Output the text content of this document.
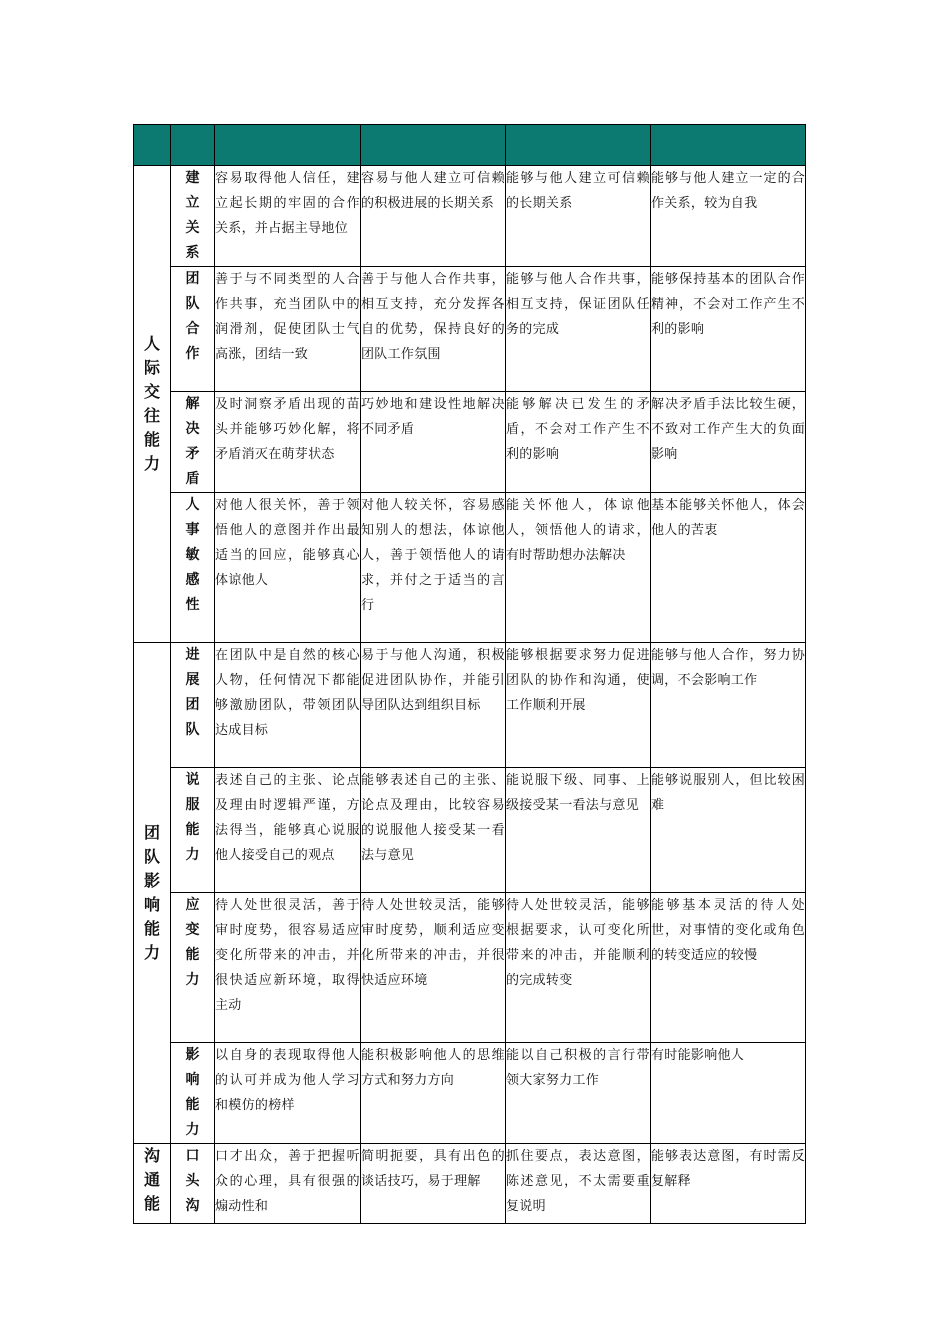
人际交往能力	建立关系	容易取得他人信任，建立起长期的牢固的合作关系，并占据主导地位	容易与他人建立可信赖的积极进展的长期关系	能够与他人建立可信赖的长期关系	能够与他人建立一定的合作关系，较为自我

	团队合作	善于与不同类型的人合作共事，充当团队中的润滑剂，促使团队士气高涨，团结一致	善于与他人合作共事，相互支持，充分发挥各自的优势，保持良好的团队工作氛围	能够与他人合作共事，相互支持，保证团队任务的完成	能够保持基本的团队合作精神，不会对工作产生不利的影响

	解决矛盾	及时洞察矛盾出现的苗头并能够巧妙化解，将矛盾消灭在萌芽状态	巧妙地和建设性地解决不同矛盾	能够解决已发生的矛盾，不会对工作产生不利的影响	解决矛盾手法比较生硬，不致对工作产生大的负面影响

	人事敏感性	对他人很关怀，善于领悟他人的意图并作出最适当的回应，能够真心体谅他人	对他人较关怀，容易感知别人的想法，体谅他人，善于领悟他人的请求，并付之于适当的言行	能关怀他人，体谅他人，领悟他人的请求，有时帮助想办法解决	基本能够关怀他人，体会他人的苦衷

团队影响能力	进展团队	在团队中是自然的核心人物，任何情况下都能够激励团队，带领团队达成目标	易于与他人沟通，积极促进团队协作，并能引导团队达到组织目标	能够根据要求努力促进团队的协作和沟通，使工作顺利开展	能够与他人合作，努力协调，不会影响工作

	说服能力	表述自己的主张、论点及理由时逻辑严谨，方法得当，能够真心说服他人接受自己的观点	能够表述自己的主张、论点及理由，比较容易的说服他人接受某一看法与意见	能说服下级、同事、上级接受某一看法与意见	能够说服别人，但比较困难

	应变能力	待人处世很灵活，善于审时度势，很容易适应变化所带来的冲击，并很快适应新环境，取得主动	待人处世较灵活，能够审时度势，顺利适应变化所带来的冲击，并很快适应环境	待人处世较灵活，能够根据要求，认可变化所带来的冲击，并能顺利的完成转变	能够基本灵活的待人处世，对事情的变化或角色的转变适应的较慢

	影响能力	以自身的表现取得他人的认可并成为他人学习和模仿的榜样	能积极影响他人的思维方式和努力方向	能以自己积极的言行带领大家努力工作	有时能影响他人

沟通能	口头沟	口才出众，善于把握听众的心理，具有很强的煽动性和	简明扼要，具有出色的谈话技巧，易于理解	抓住要点，表达意图，陈述意见，不太需要重复说明	能够表达意图，有时需反复解释
